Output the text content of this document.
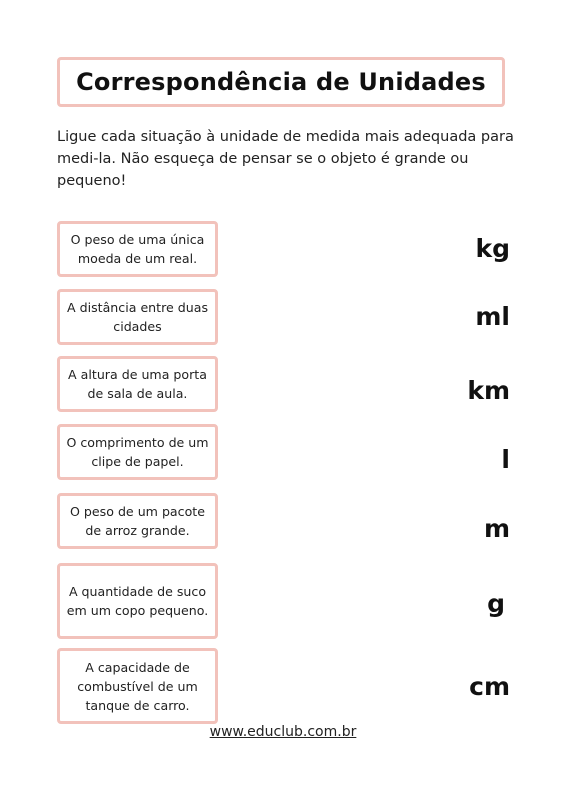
Correspondência de Unidades
Ligue cada situação à unidade de medida mais adequada para medi-la. Não esqueça de pensar se o objeto é grande ou pequeno!
O peso de uma única moeda de um real.
A distância entre duas cidades
A altura de uma porta de sala de aula.
O comprimento de um clipe de papel.
O peso de um pacote de arroz grande.
A quantidade de suco em um copo pequeno.
A capacidade de combustível de um tanque de carro.
kg
ml
km
l
m
g
cm
www.educlub.com.br
